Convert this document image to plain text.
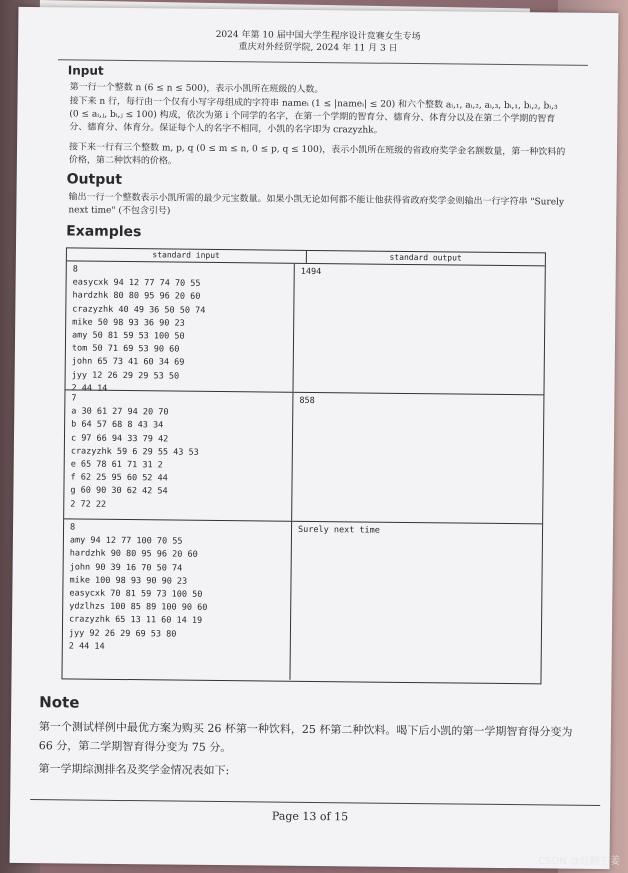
2024 年第 10 届中国大学生程序设计竞赛女生专场
重庆对外经贸学院, 2024 年 11 月 3 日
Input
第一行一个整数 n (6 ≤ n ≤ 500)，表示小凯所在班级的人数。
接下来 n 行，每行由一个仅有小写字母组成的字符串 nameᵢ (1 ≤ |nameᵢ| ≤ 20) 和六个整数 aᵢ,₁, aᵢ,₂, aᵢ,₃, bᵢ,₁, bᵢ,₂, bᵢ,₃ (0 ≤ aᵢ,ⱼ, bᵢ,ⱼ ≤ 100) 构成，依次为第 i 个同学的名字，在第一个学期的智育分、德育分、体育分以及在第二个学期的智育分、德育分、体育分。保证每个人的名字不相同，小凯的名字即为 crazyzhk。
接下来一行有三个整数 m, p, q (0 ≤ m ≤ n, 0 ≤ p, q ≤ 100)，表示小凯所在班级的省政府奖学金名额数量，第一种饮料的价格，第二种饮料的价格。
Output
输出一行一个整数表示小凯所需的最少元宝数量。如果小凯无论如何都不能让他获得省政府奖学金则输出一行字符串 "Surely next time" (不包含引号)
Examples
standard input	standard output
8
easycxk 94 12 77 74 70 55
hardzhk 80 80 95 96 20 60
crazyzhk 40 49 36 50 50 74
mike 50 98 93 36 90 23
amy 50 81 59 53 100 50
tom 50 71 69 53 90 60
john 65 73 41 60 34 69
jyy 12 26 29 29 53 50
2 44 14
1494
7
a 30 61 27 94 20 70
b 64 57 68 8 43 34
c 97 66 94 33 79 42
crazyzhk 59 6 29 55 43 53
e 65 78 61 71 31 2
f 62 25 95 60 52 44
g 60 90 30 62 42 54
2 72 22
858
8
amy 94 12 77 100 70 55
hardzhk 90 80 95 96 20 60
john 90 39 16 70 50 74
mike 100 98 93 90 90 23
easycxk 70 81 59 73 100 50
ydzlhzs 100 85 89 100 90 60
crazyzhk 65 13 11 60 14 19
jyy 92 26 29 69 53 80
2 44 14
Surely next time
Note
第一个测试样例中最优方案为购买 26 杯第一种饮料，25 杯第二种饮料。喝下后小凯的第一学期智育得分变为 66 分，第二学期智育得分变为 75 分。
第一学期综测排名及奖学金情况表如下:
Page 13 of 15
CSDN @红糖生姜
